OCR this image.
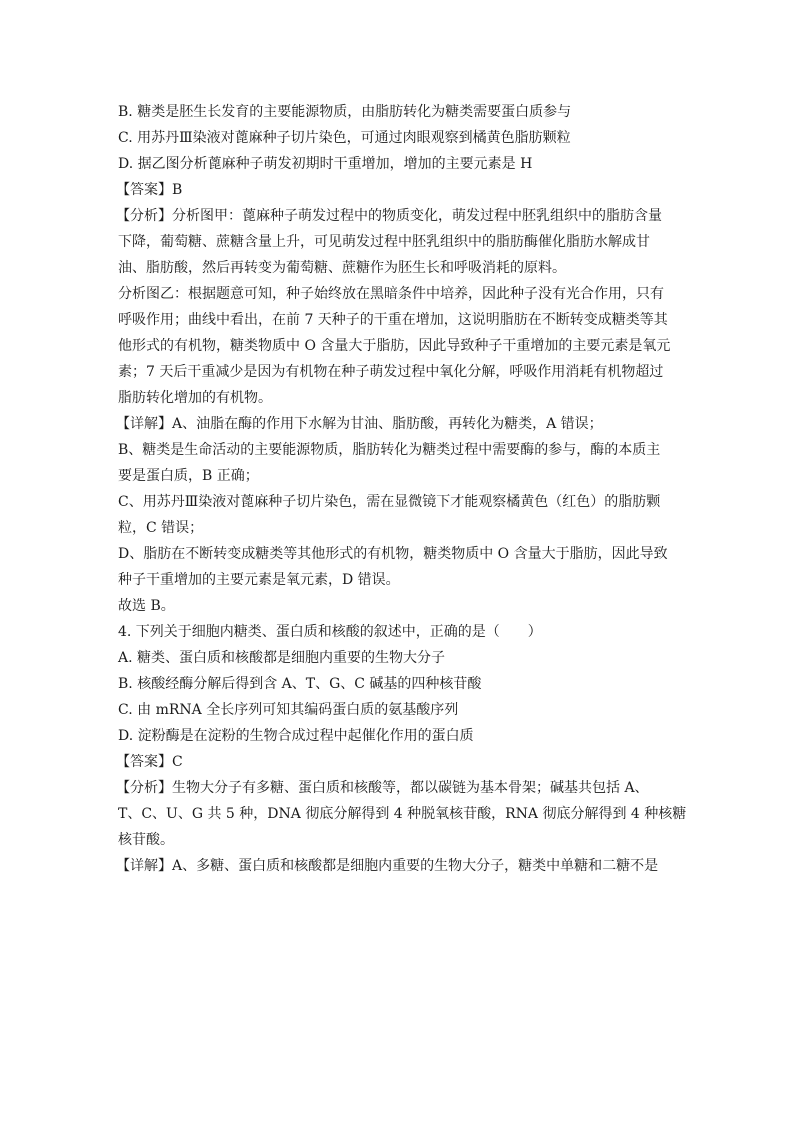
B. 糖类是胚生长发育的主要能源物质，由脂肪转化为糖类需要蛋白质参与

C. 用苏丹Ⅲ染液对蓖麻种子切片染色，可通过肉眼观察到橘黄色脂肪颗粒

D. 据乙图分析蓖麻种子萌发初期时干重增加，增加的主要元素是 H

【答案】B

【分析】分析图甲：蓖麻种子萌发过程中的物质变化，萌发过程中胚乳组织中的脂肪含量

下降，葡萄糖、蔗糖含量上升，可见萌发过程中胚乳组织中的脂肪酶催化脂肪水解成甘

油、脂肪酸，然后再转变为葡萄糖、蔗糖作为胚生长和呼吸消耗的原料。

分析图乙：根据题意可知，种子始终放在黑暗条件中培养，因此种子没有光合作用，只有

呼吸作用；曲线中看出，在前 7 天种子的干重在增加，这说明脂肪在不断转变成糖类等其

他形式的有机物，糖类物质中 O 含量大于脂肪，因此导致种子干重增加的主要元素是氧元

素；7 天后干重减少是因为有机物在种子萌发过程中氧化分解，呼吸作用消耗有机物超过

脂肪转化增加的有机物。

【详解】A、油脂在酶的作用下水解为甘油、脂肪酸，再转化为糖类，A 错误；

B、糖类是生命活动的主要能源物质，脂肪转化为糖类过程中需要酶的参与，酶的本质主

要是蛋白质，B 正确；

C、用苏丹Ⅲ染液对蓖麻种子切片染色，需在显微镜下才能观察橘黄色（红色）的脂肪颗

粒，C 错误；

D、脂肪在不断转变成糖类等其他形式的有机物，糖类物质中 O 含量大于脂肪，因此导致

种子干重增加的主要元素是氧元素，D 错误。

故选 B。

4. 下列关于细胞内糖类、蛋白质和核酸的叙述中，正确的是（　　）

A. 糖类、蛋白质和核酸都是细胞内重要的生物大分子

B. 核酸经酶分解后得到含 A、T、G、C 碱基的四种核苷酸

C. 由 mRNA 全长序列可知其编码蛋白质的氨基酸序列

D. 淀粉酶是在淀粉的生物合成过程中起催化作用的蛋白质

【答案】C

【分析】生物大分子有多糖、蛋白质和核酸等，都以碳链为基本骨架；碱基共包括 A、

T、C、U、G 共 5 种，DNA 彻底分解得到 4 种脱氧核苷酸，RNA 彻底分解得到 4 种核糖

核苷酸。

【详解】A、多糖、蛋白质和核酸都是细胞内重要的生物大分子，糖类中单糖和二糖不是
